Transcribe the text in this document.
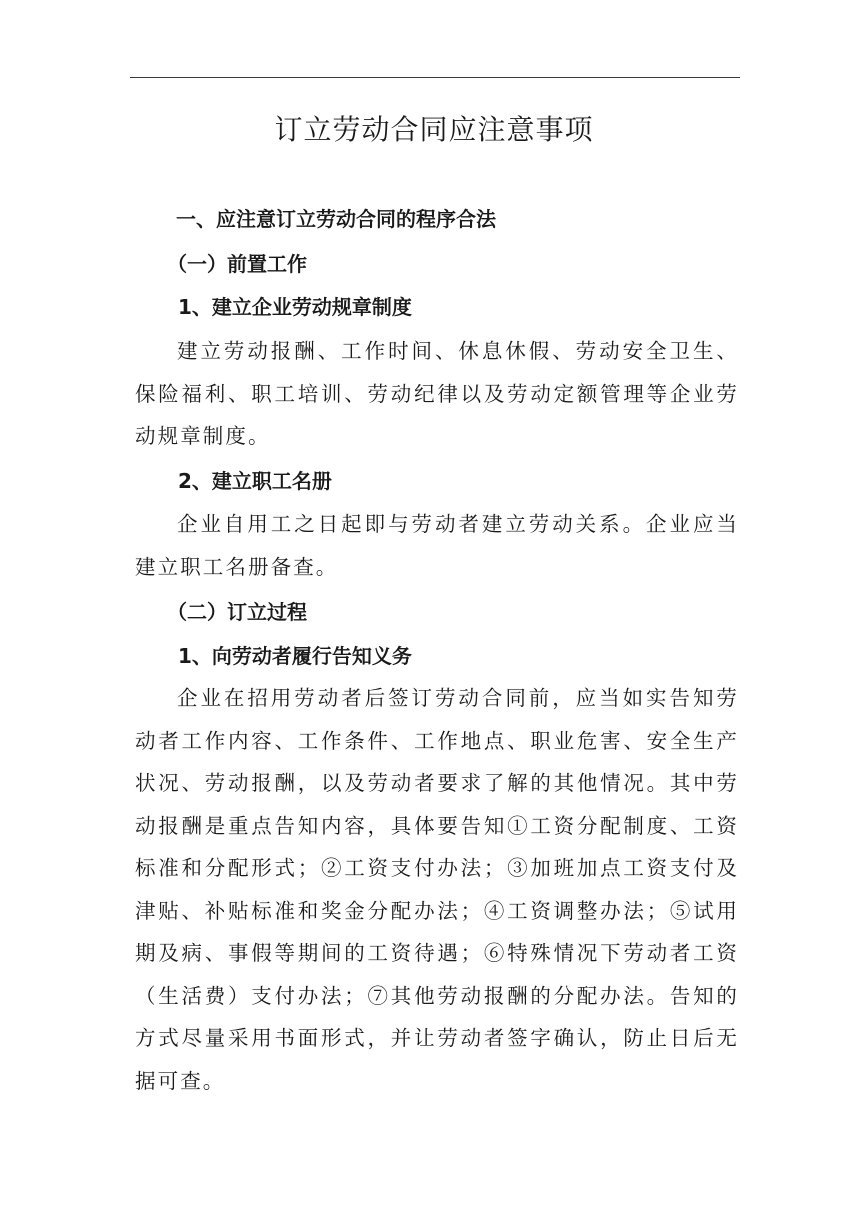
订立劳动合同应注意事项
一、应注意订立劳动合同的程序合法
（一）前置工作
1、建立企业劳动规章制度

建立劳动报酬、工作时间、休息休假、劳动安全卫生、保险福利、职工培训、劳动纪律以及劳动定额管理等企业劳动规章制度。

2、建立职工名册

企业自用工之日起即与劳动者建立劳动关系。企业应当建立职工名册备查。

（二）订立过程
1、向劳动者履行告知义务

企业在招用劳动者后签订劳动合同前，应当如实告知劳动者工作内容、工作条件、工作地点、职业危害、安全生产状况、劳动报酬，以及劳动者要求了解的其他情况。其中劳动报酬是重点告知内容，具体要告知①工资分配制度、工资标准和分配形式；②工资支付办法；③加班加点工资支付及津贴、补贴标准和奖金分配办法；④工资调整办法；⑤试用期及病、事假等期间的工资待遇；⑥特殊情况下劳动者工资（生活费）支付办法；⑦其他劳动报酬的分配办法。告知的方式尽量采用书面形式，并让劳动者签字确认，防止日后无据可查。
